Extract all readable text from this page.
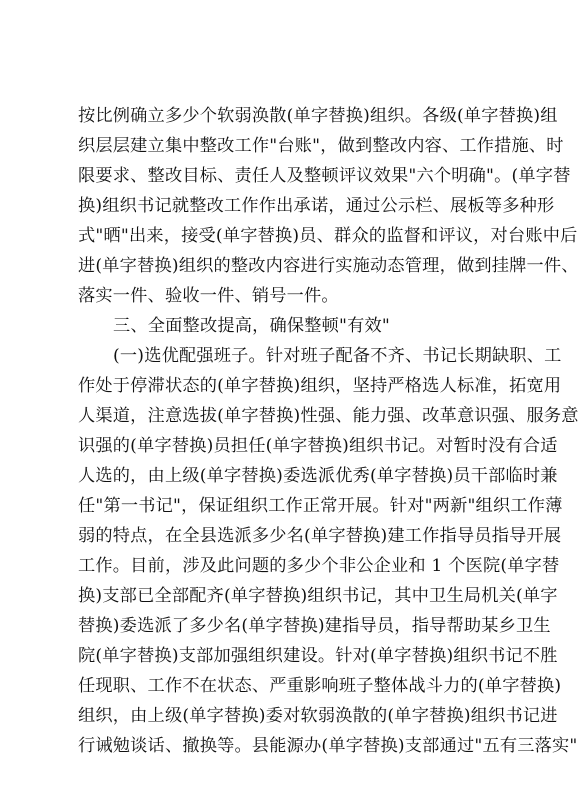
按比例确立多少个软弱涣散(单字替换)组织。各级(单字替换)组
织层层建立集中整改工作"台账"，做到整改内容、工作措施、时
限要求、整改目标、责任人及整顿评议效果"六个明确"。(单字替
换)组织书记就整改工作作出承诺，通过公示栏、展板等多种形
式"晒"出来，接受(单字替换)员、群众的监督和评议，对台账中后
进(单字替换)组织的整改内容进行实施动态管理，做到挂牌一件、
落实一件、验收一件、销号一件。
三、全面整改提高，确保整顿"有效"
(一)选优配强班子。针对班子配备不齐、书记长期缺职、工
作处于停滞状态的(单字替换)组织，坚持严格选人标准，拓宽用
人渠道，注意选拔(单字替换)性强、能力强、改革意识强、服务意
识强的(单字替换)员担任(单字替换)组织书记。对暂时没有合适
人选的，由上级(单字替换)委选派优秀(单字替换)员干部临时兼
任"第一书记"，保证组织工作正常开展。针对"两新"组织工作薄
弱的特点，在全县选派多少名(单字替换)建工作指导员指导开展
工作。目前，涉及此问题的多少个非公企业和 1 个医院(单字替
换)支部已全部配齐(单字替换)组织书记，其中卫生局机关(单字
替换)委选派了多少名(单字替换)建指导员，指导帮助某乡卫生
院(单字替换)支部加强组织建设。针对(单字替换)组织书记不胜
任现职、工作不在状态、严重影响班子整体战斗力的(单字替换)
组织，由上级(单字替换)委对软弱涣散的(单字替换)组织书记进
行诫勉谈话、撤换等。县能源办(单字替换)支部通过"五有三落实"
